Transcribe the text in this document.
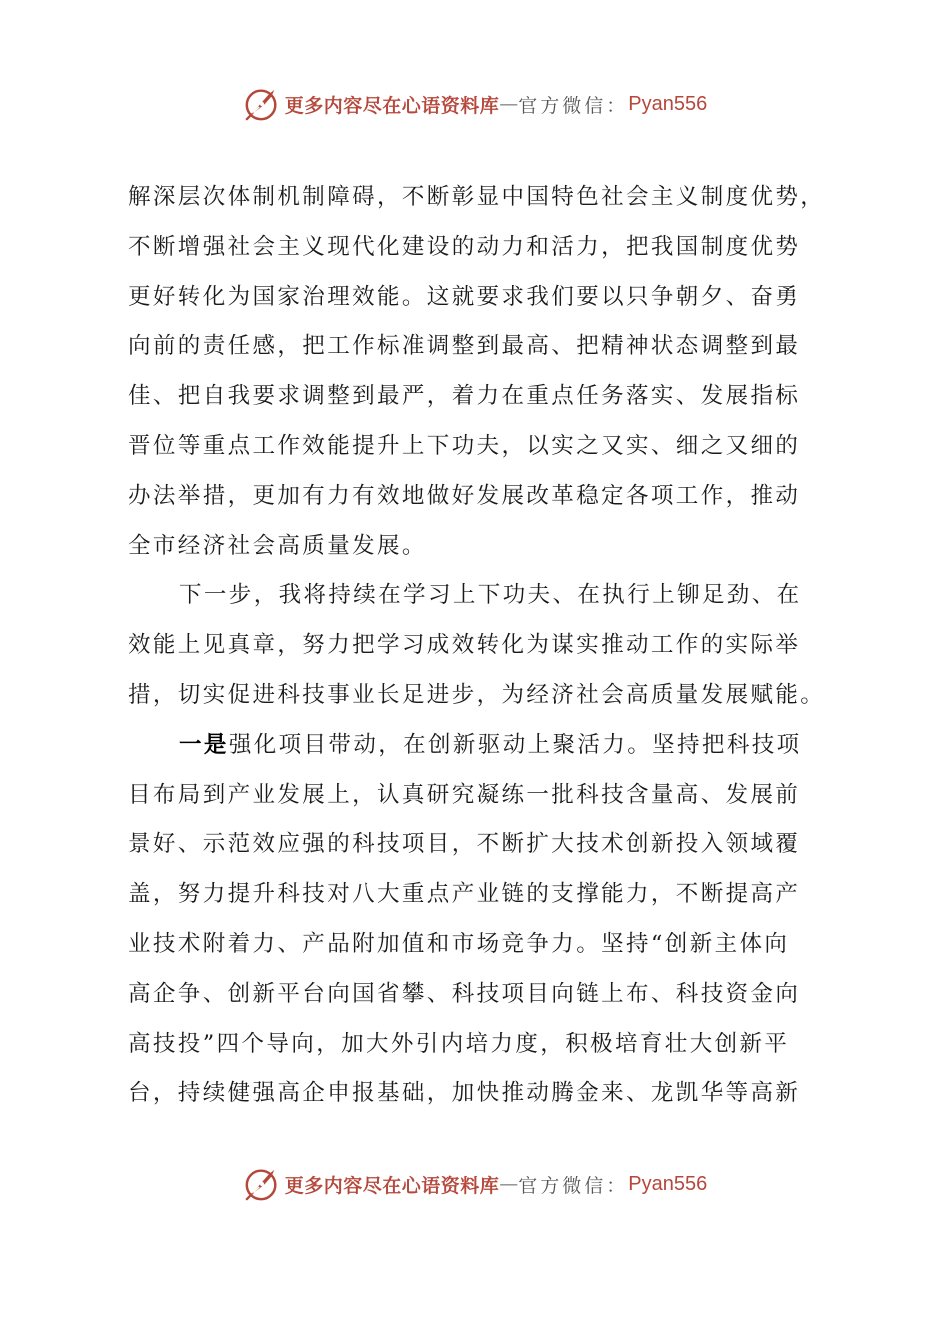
更多内容尽在心语资料库 — 官方微信： Pyan556
解深层次体制机制障碍，不断彰显中国特色社会主义制度优势，
不断增强社会主义现代化建设的动力和活力，把我国制度优势
更好转化为国家治理效能。这就要求我们要以只争朝夕、奋勇
向前的责任感，把工作标准调整到最高、把精神状态调整到最
佳、把自我要求调整到最严，着力在重点任务落实、发展指标
晋位等重点工作效能提升上下功夫，以实之又实、细之又细的
办法举措，更加有力有效地做好发展改革稳定各项工作，推动
全市经济社会高质量发展。
下一步，我将持续在学习上下功夫、在执行上铆足劲、在
效能上见真章，努力把学习成效转化为谋实推动工作的实际举
措，切实促进科技事业长足进步，为经济社会高质量发展赋能。
一是强化项目带动，在创新驱动上聚活力。坚持把科技项
目布局到产业发展上，认真研究凝练一批科技含量高、发展前
景好、示范效应强的科技项目，不断扩大技术创新投入领域覆
盖，努力提升科技对八大重点产业链的支撑能力，不断提高产
业技术附着力、产品附加值和市场竞争力。坚持“创新主体向
高企争、创新平台向国省攀、科技项目向链上布、科技资金向
高技投”四个导向，加大外引内培力度，积极培育壮大创新平
台，持续健强高企申报基础，加快推动腾金来、龙凯华等高新
更多内容尽在心语资料库 — 官方微信： Pyan556
